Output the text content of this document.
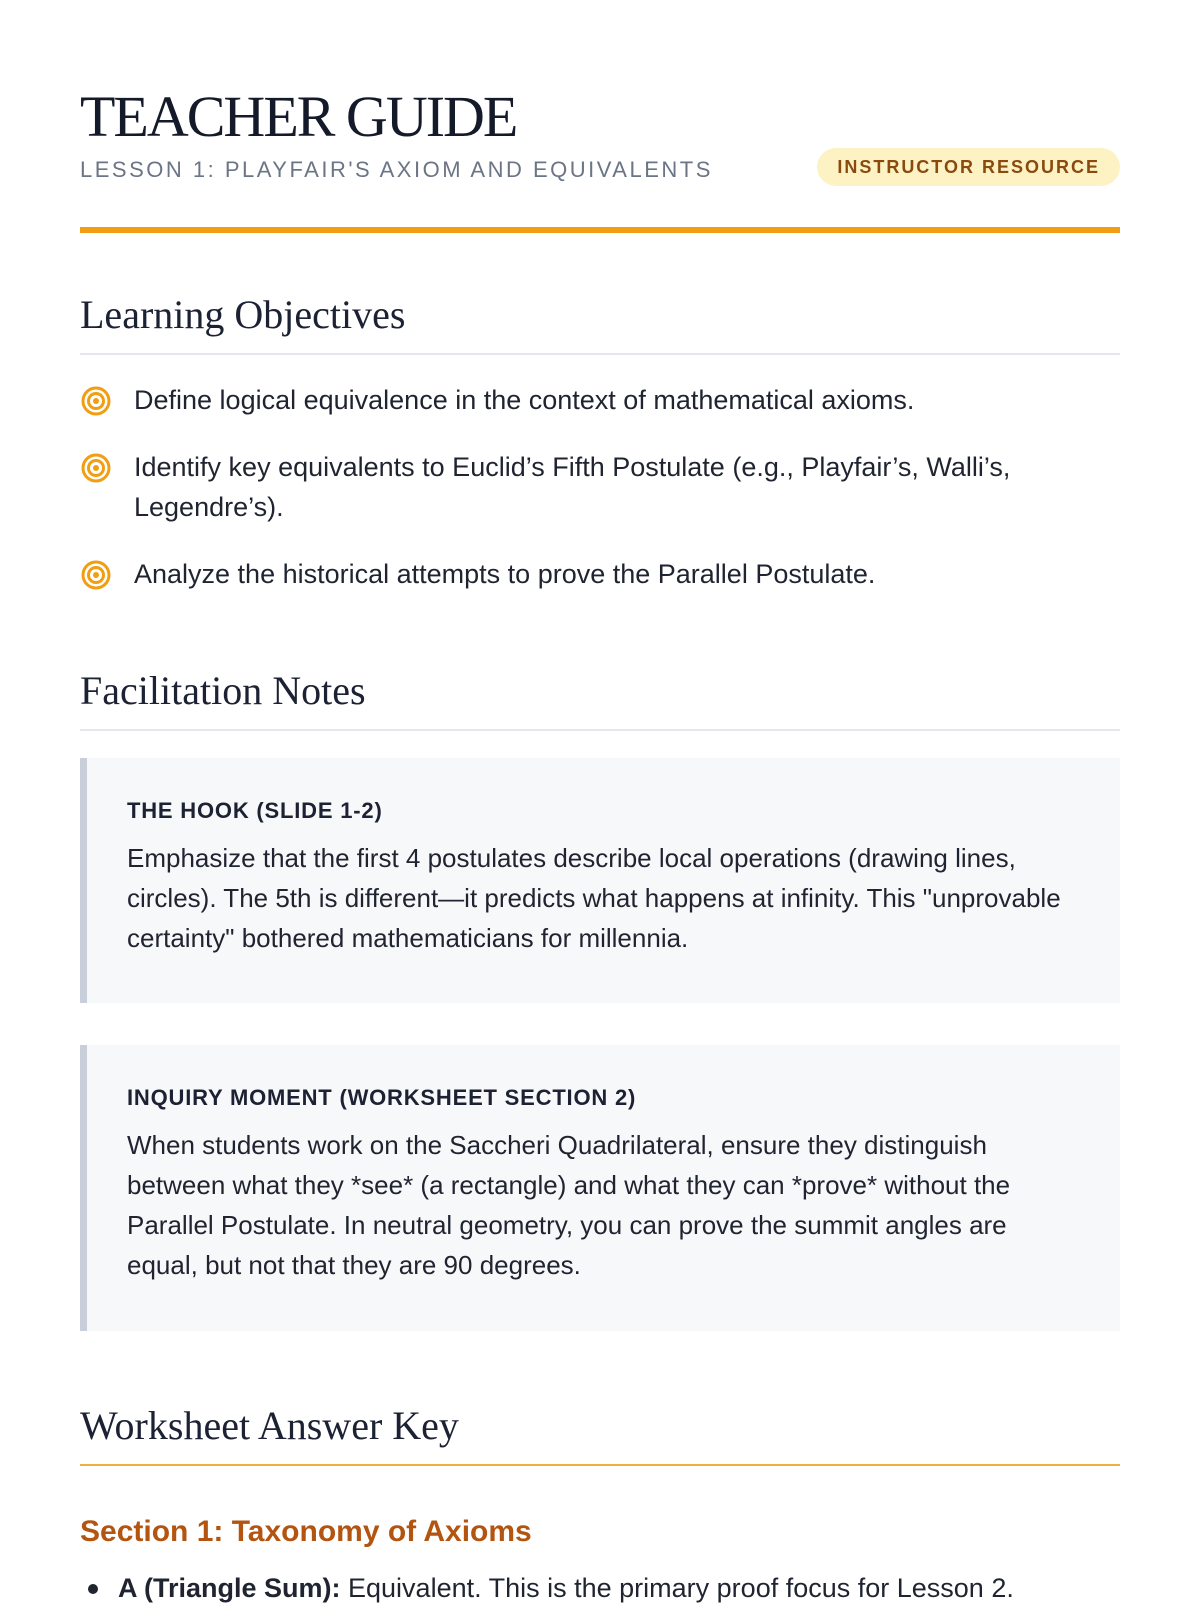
TEACHER GUIDE
LESSON 1: PLAYFAIR'S AXIOM AND EQUIVALENTS	INSTRUCTOR RESOURCE
Learning Objectives
Define logical equivalence in the context of mathematical axioms.
Identify key equivalents to Euclid’s Fifth Postulate (e.g., Playfair’s, Walli’s, Legendre’s).
Analyze the historical attempts to prove the Parallel Postulate.
Facilitation Notes
THE HOOK (SLIDE 1-2)

Emphasize that the first 4 postulates describe local operations (drawing lines, circles). The 5th is different—it predicts what happens at infinity. This "unprovable certainty" bothered mathematicians for millennia.

INQUIRY MOMENT (WORKSHEET SECTION 2)

When students work on the Saccheri Quadrilateral, ensure they distinguish between what they *see* (a rectangle) and what they can *prove* without the Parallel Postulate. In neutral geometry, you can prove the summit angles are equal, but not that they are 90 degrees.

Worksheet Answer Key
Section 1: Taxonomy of Axioms
A (Triangle Sum): Equivalent. This is the primary proof focus for Lesson 2.
